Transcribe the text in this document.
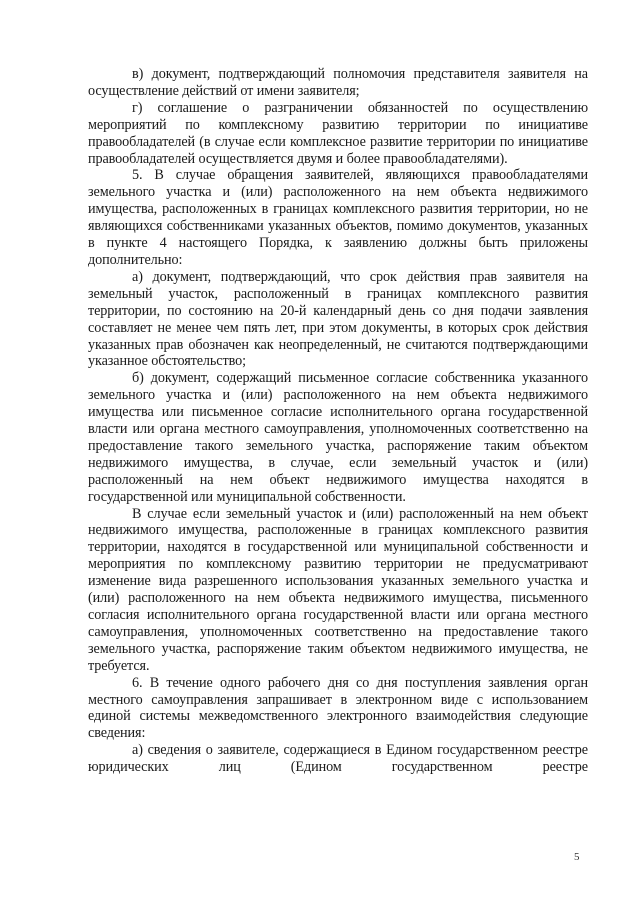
в) документ, подтверждающий полномочия представителя заявителя на осуществление действий от имени заявителя;

г) соглашение о разграничении обязанностей по осуществлению мероприятий по комплексному развитию территории по инициативе правообладателей (в случае если комплексное развитие территории по инициативе правообладателей осуществляется двумя и более правообладателями).

5. В случае обращения заявителей, являющихся правообладателями земельного участка и (или) расположенного на нем объекта недвижимого имущества, расположенных в границах комплексного развития территории, но не являющихся собственниками указанных объектов, помимо документов, указанных в пункте 4 настоящего Порядка, к заявлению должны быть приложены дополнительно:

а) документ, подтверждающий, что срок действия прав заявителя на земельный участок, расположенный в границах комплексного развития территории, по состоянию на 20-й календарный день со дня подачи заявления составляет не менее чем пять лет, при этом документы, в которых срок действия указанных прав обозначен как неопределенный, не считаются подтверждающими указанное обстоятельство;

б) документ, содержащий письменное согласие собственника указанного земельного участка и (или) расположенного на нем объекта недвижимого имущества или письменное согласие исполнительного органа государственной власти или органа местного самоуправления, уполномоченных соответственно на предоставление такого земельного участка, распоряжение таким объектом недвижимого имущества, в случае, если земельный участок и (или) расположенный на нем объект недвижимого имущества находятся в государственной или муниципальной собственности.

В случае если земельный участок и (или) расположенный на нем объект недвижимого имущества, расположенные в границах комплексного развития территории, находятся в государственной или муниципальной собственности и мероприятия по комплексному развитию территории не предусматривают изменение вида разрешенного использования указанных земельного участка и (или) расположенного на нем объекта недвижимого имущества, письменного согласия исполнительного органа государственной власти или органа местного самоуправления, уполномоченных соответственно на предоставление такого земельного участка, распоряжение таким объектом недвижимого имущества, не требуется.

6. В течение одного рабочего дня со дня поступления заявления орган местного самоуправления запрашивает в электронном виде с использованием единой системы межведомственного электронного взаимодействия следующие сведения:

а) сведения о заявителе, содержащиеся в Едином государственном реестре юридических лиц (Едином государственном реестре

5
